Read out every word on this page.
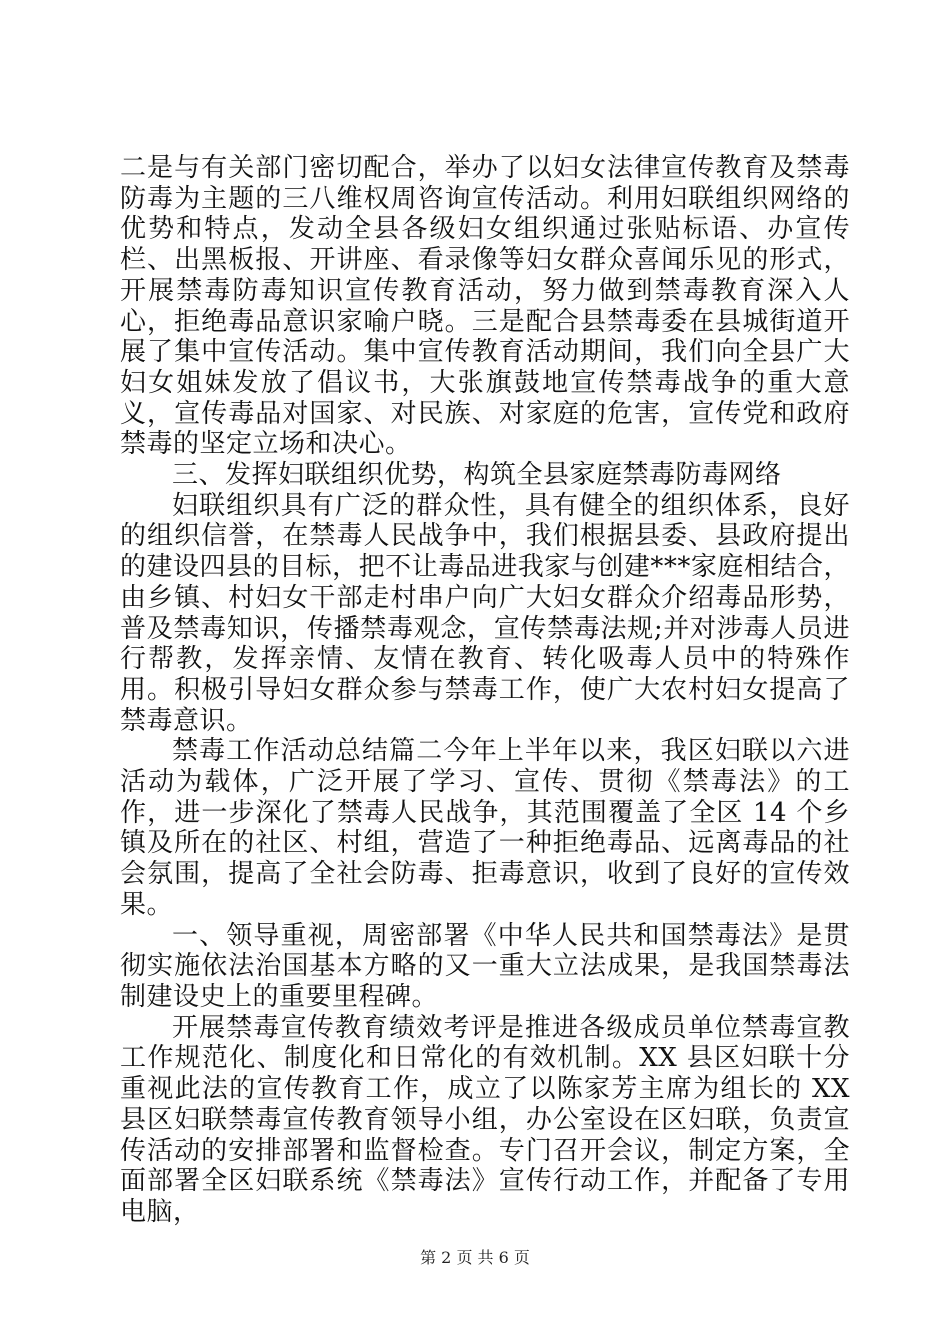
二是与有关部门密切配合，举办了以妇女法律宣传教育及禁毒防毒为主题的三八维权周咨询宣传活动。利用妇联组织网络的优势和特点，发动全县各级妇女组织通过张贴标语、办宣传栏、出黑板报、开讲座、看录像等妇女群众喜闻乐见的形式，开展禁毒防毒知识宣传教育活动，努力做到禁毒教育深入人心，拒绝毒品意识家喻户晓。三是配合县禁毒委在县城街道开展了集中宣传活动。集中宣传教育活动期间，我们向全县广大妇女姐妹发放了倡议书，大张旗鼓地宣传禁毒战争的重大意义，宣传毒品对国家、对民族、对家庭的危害，宣传党和政府禁毒的坚定立场和决心。

三、发挥妇联组织优势，构筑全县家庭禁毒防毒网络

妇联组织具有广泛的群众性，具有健全的组织体系，良好的组织信誉，在禁毒人民战争中，我们根据县委、县政府提出的建设四县的目标，把不让毒品进我家与创建***家庭相结合，由乡镇、村妇女干部走村串户向广大妇女群众介绍毒品形势，普及禁毒知识，传播禁毒观念，宣传禁毒法规;并对涉毒人员进行帮教，发挥亲情、友情在教育、转化吸毒人员中的特殊作用。积极引导妇女群众参与禁毒工作，使广大农村妇女提高了禁毒意识。

禁毒工作活动总结篇二今年上半年以来，我区妇联以六进活动为载体，广泛开展了学习、宣传、贯彻《禁毒法》的工作，进一步深化了禁毒人民战争，其范围覆盖了全区 14 个乡镇及所在的社区、村组，营造了一种拒绝毒品、远离毒品的社会氛围，提高了全社会防毒、拒毒意识，收到了良好的宣传效果。

一、领导重视，周密部署《中华人民共和国禁毒法》是贯彻实施依法治国基本方略的又一重大立法成果，是我国禁毒法制建设史上的重要里程碑。

开展禁毒宣传教育绩效考评是推进各级成员单位禁毒宣教工作规范化、制度化和日常化的有效机制。XX 县区妇联十分重视此法的宣传教育工作，成立了以陈家芳主席为组长的 XX 县区妇联禁毒宣传教育领导小组，办公室设在区妇联，负责宣传活动的安排部署和监督检查。专门召开会议，制定方案，全面部署全区妇联系统《禁毒法》宣传行动工作，并配备了专用电脑，

第 2 页 共 6 页
